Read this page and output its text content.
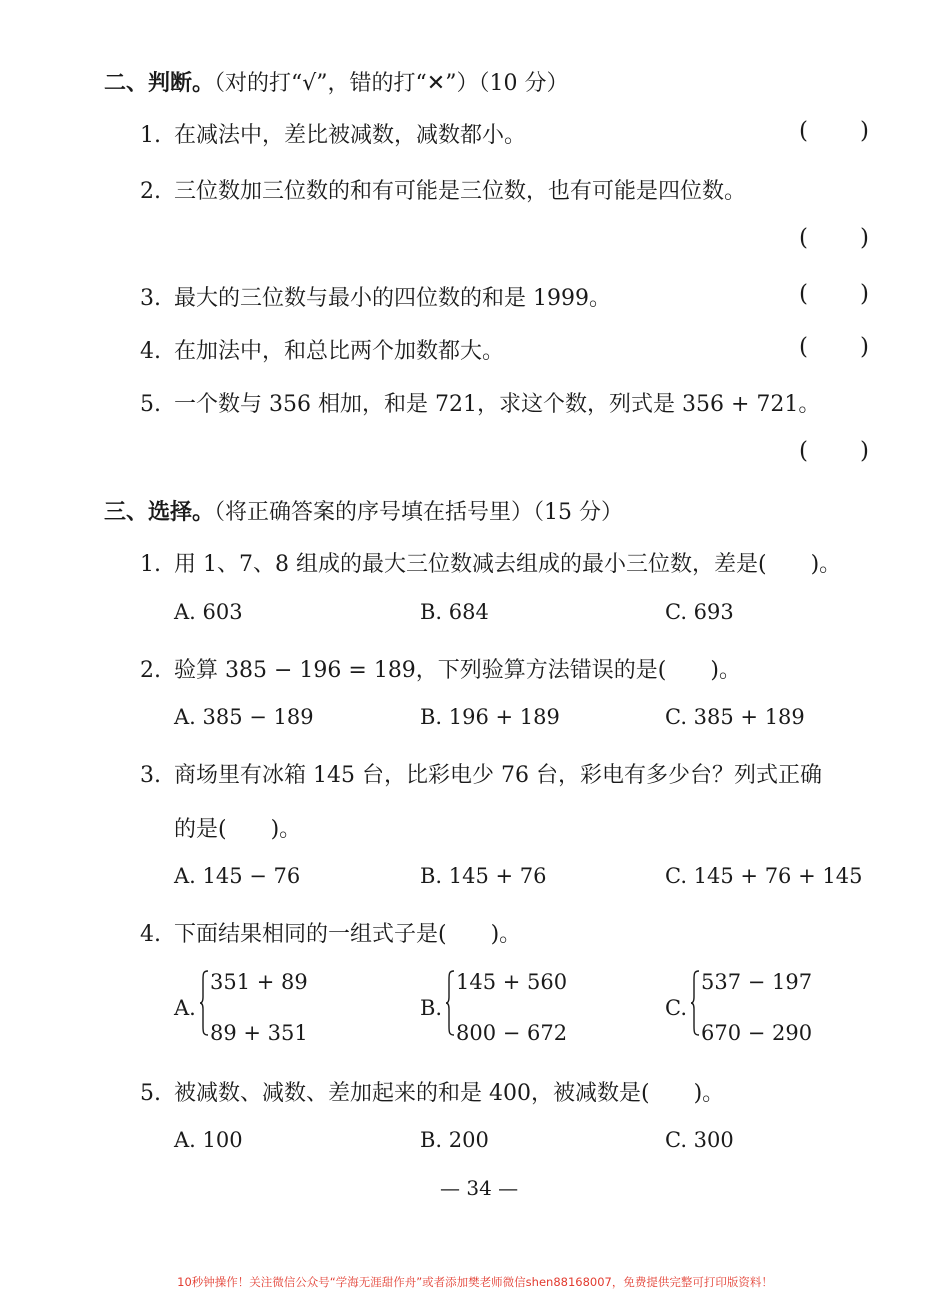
二、判断。（对的打“√”，错的打“✕”）（10 分）
1. 在减法中，差比被减数，减数都小。	( )
2. 三位数加三位数的和有可能是三位数，也有可能是四位数。
( )
3. 最大的三位数与最小的四位数的和是 1999。	( )
4. 在加法中，和总比两个加数都大。	( )
5. 一个数与 356 相加，和是 721，求这个数，列式是 356 + 721。
( )
三、选择。（将正确答案的序号填在括号里）（15 分）
1. 用 1、7、8 组成的最大三位数减去组成的最小三位数，差是(　　)。
A. 603	B. 684	C. 693
2. 验算 385 − 196 = 189，下列验算方法错误的是(　　)。
A. 385 − 189	B. 196 + 189	C. 385 + 189
3. 商场里有冰箱 145 台，比彩电少 76 台，彩电有多少台？列式正确
的是(　　)。
A. 145 − 76	B. 145 + 76	C. 145 + 76 + 145
4. 下面结果相同的一组式子是(　　)。
A.
351 + 89
89 + 351
B.
145 + 560
800 − 672
C.
537 − 197
670 − 290
5. 被减数、减数、差加起来的和是 400，被减数是(　　)。
A. 100	B. 200	C. 300
— 34 —
10秒钟操作！关注微信公众号“学海无涯甜作舟”或者添加樊老师微信shen88168007，免费提供完整可打印版资料！
